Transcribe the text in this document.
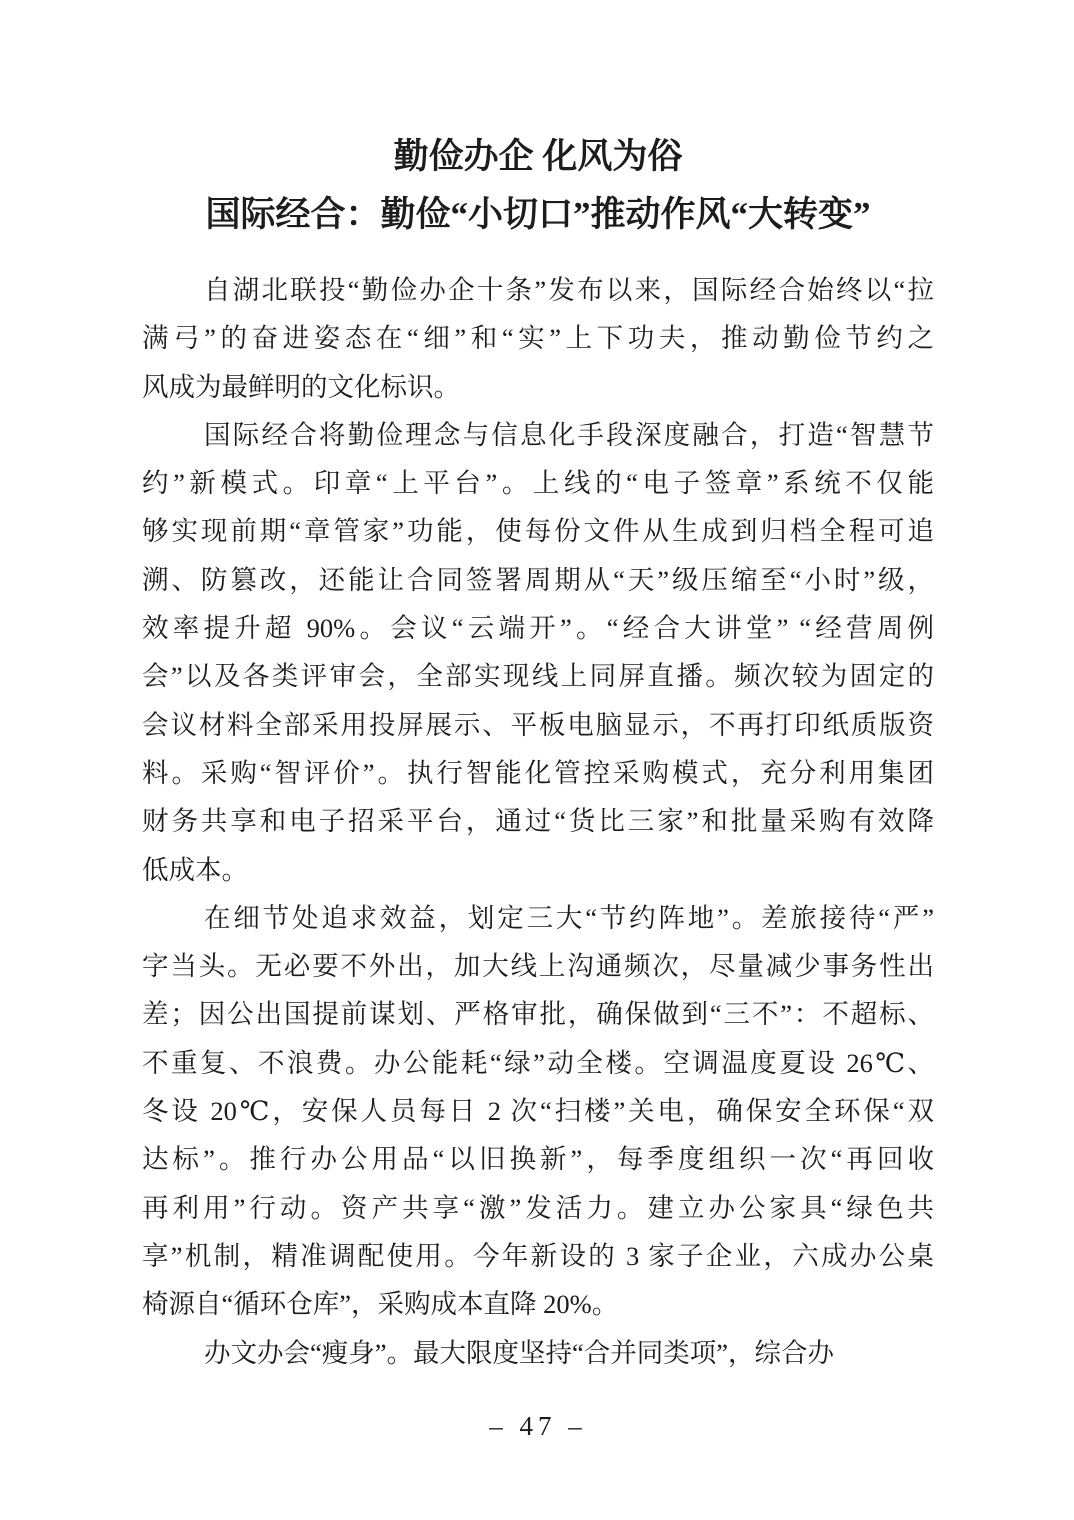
勤俭办企 化风为俗
国际经合：勤俭“小切口”推动作风“大转变”
自湖北联投“勤俭办企十条”发布以来，国际经合始终以“拉
满弓”的奋进姿态在“细”和“实”上下功夫，推动勤俭节约之
风成为最鲜明的文化标识。
国际经合将勤俭理念与信息化手段深度融合，打造“智慧节
约”新模式。印章“上平台”。上线的“电子签章”系统不仅能
够实现前期“章管家”功能，使每份文件从生成到归档全程可追
溯、防篡改，还能让合同签署周期从“天”级压缩至“小时”级，
效率提升超 90%。会议“云端开”。“经合大讲堂” “经营周例
会”以及各类评审会，全部实现线上同屏直播。频次较为固定的
会议材料全部采用投屏展示、平板电脑显示，不再打印纸质版资
料。采购“智评价”。执行智能化管控采购模式，充分利用集团
财务共享和电子招采平台，通过“货比三家”和批量采购有效降
低成本。
在细节处追求效益，划定三大“节约阵地”。差旅接待“严”
字当头。无必要不外出，加大线上沟通频次，尽量减少事务性出
差；因公出国提前谋划、严格审批，确保做到“三不”：不超标、
不重复、不浪费。办公能耗“绿”动全楼。空调温度夏设 26℃、
冬设 20℃，安保人员每日 2 次“扫楼”关电，确保安全环保“双
达标”。推行办公用品“以旧换新”，每季度组织一次“再回收
再利用”行动。资产共享“激”发活力。建立办公家具“绿色共
享”机制，精准调配使用。今年新设的 3 家子企业，六成办公桌
椅源自“循环仓库”，采购成本直降 20%。
办文办会“瘦身”。最大限度坚持“合并同类项”，综合办
– 47 –
